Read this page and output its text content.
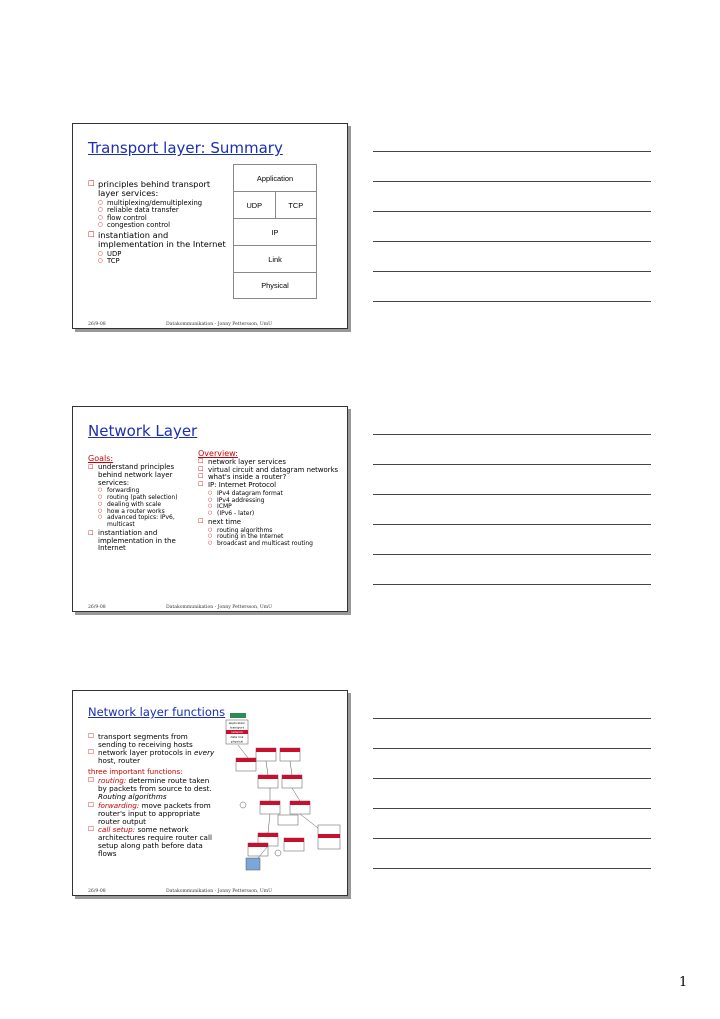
Transport layer: Summary
☐ principles behind transport layer services:
○ multiplexing/demultiplexing
○ reliable data transfer
○ flow control
○ congestion control
☐ instantiation and implementation in the Internet
○ UDP
○ TCP
Application
UDP	TCP
IP
Link
Physical
26/9-08	Datakommunikation - Jonny Pettersson, UmU
Network Layer
Goals:
☐ understand principles behind network layer services:
○ forwarding
○ routing (path selection)
○ dealing with scale
○ how a router works
○ advanced topics: IPv6, multicast
☐ instantiation and implementation in the Internet
Overview:
☐ network layer services
☐ virtual circuit and datagram networks
☐ what's inside a router?
☐ IP: Internet Protocol
○ IPv4 datagram format
○ IPv4 addressing
○ ICMP
○ (IPv6 - later)
☐ next time
○ routing algorithms
○ routing in the Internet
○ broadcast and multicast routing
26/9-08	Datakommunikation - Jonny Pettersson, UmU
Network layer functions
☐ transport segments from sending to receiving hosts
☐ network layer protocols in every host, router
three important functions:
☐ routing: determine route taken by packets from source to dest. Routing algorithms
☐ forwarding: move packets from router's input to appropriate router output
☐ call setup: some network architectures require router call setup along path before data flows
application
transport
network
data link
physical
26/9-08	Datakommunikation - Jonny Pettersson, UmU
1
